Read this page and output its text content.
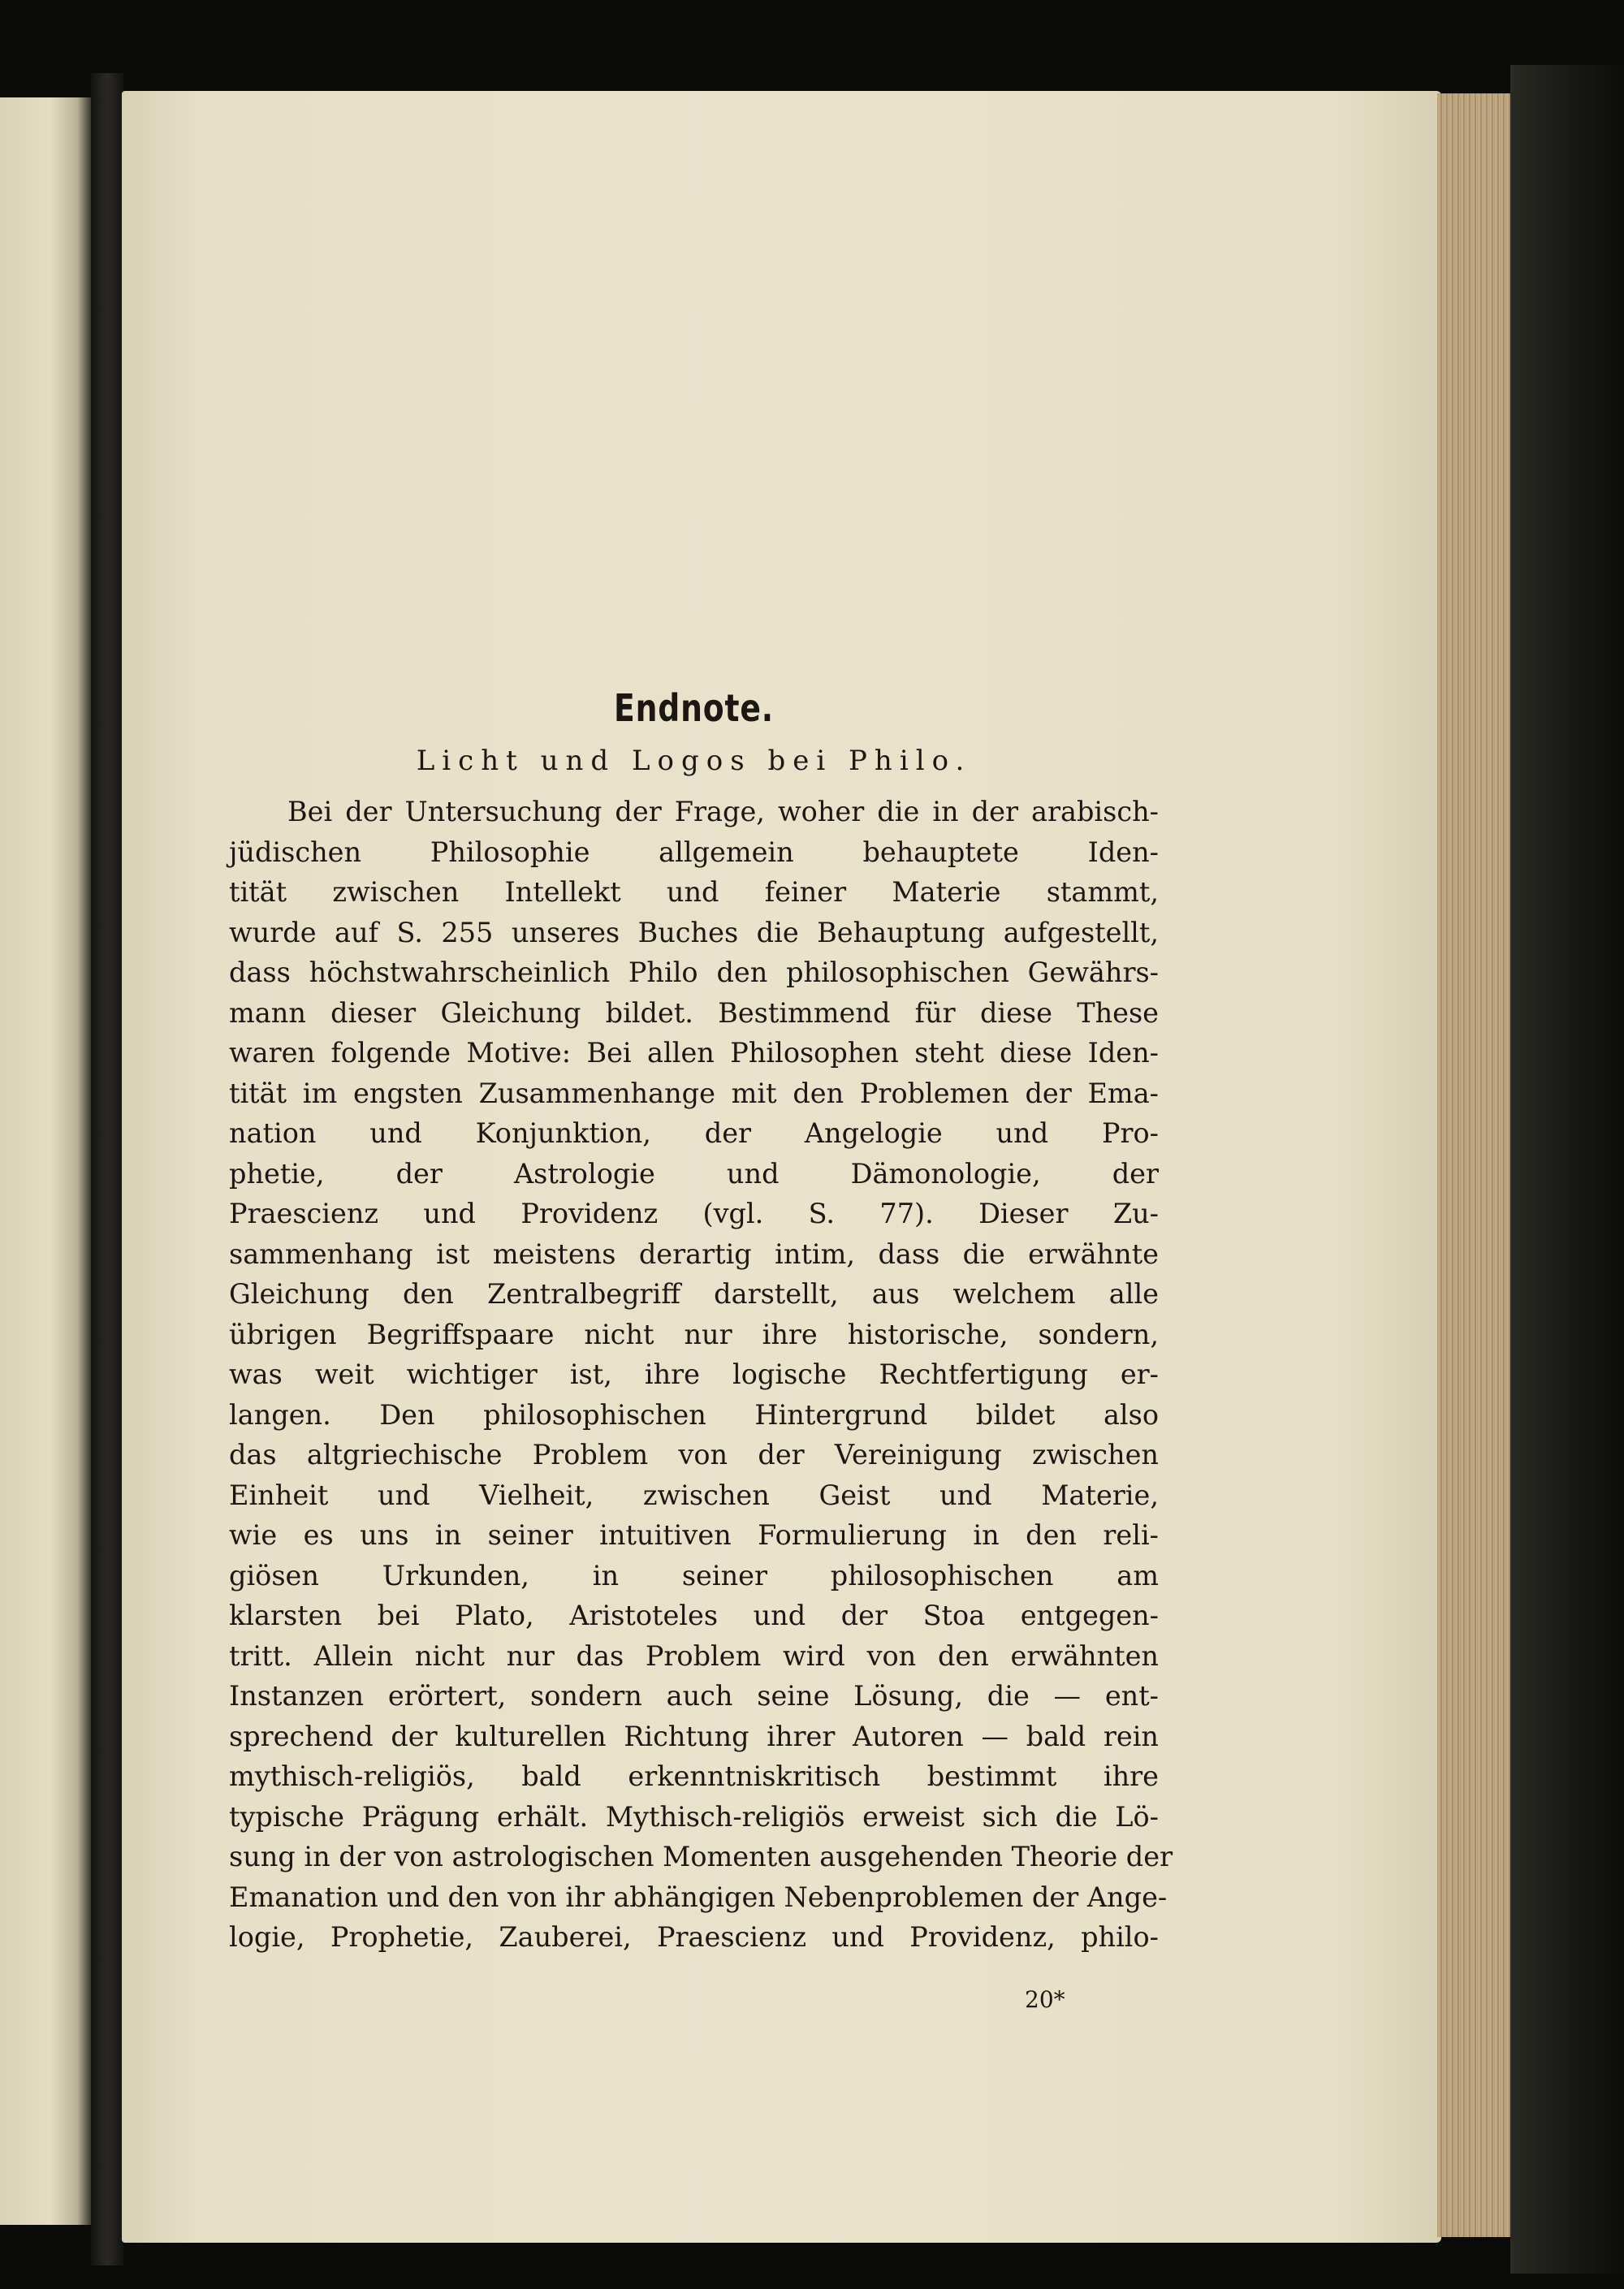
Endnote.
Licht und Logos bei Philo.
Bei der Untersuchung der Frage, woher die in der arabisch-
jüdischen Philosophie allgemein behauptete Iden-
tität zwischen Intellekt und feiner Materie stammt,
wurde auf S. 255 unseres Buches die Behauptung aufgestellt,
dass höchstwahrscheinlich Philo den philosophischen Gewährs-
mann dieser Gleichung bildet. Bestimmend für diese These
waren folgende Motive: Bei allen Philosophen steht diese Iden-
tität im engsten Zusammenhange mit den Problemen der Ema-
nation und Konjunktion, der Angelogie und Pro-
phetie, der Astrologie und Dämonologie, der
Praescienz und Providenz (vgl. S. 77). Dieser Zu-
sammenhang ist meistens derartig intim, dass die erwähnte
Gleichung den Zentralbegriff darstellt, aus welchem alle
übrigen Begriffspaare nicht nur ihre historische, sondern,
was weit wichtiger ist, ihre logische Rechtfertigung er-
langen. Den philosophischen Hintergrund bildet also
das altgriechische Problem von der Vereinigung zwischen
Einheit und Vielheit, zwischen Geist und Materie,
wie es uns in seiner intuitiven Formulierung in den reli-
giösen Urkunden, in seiner philosophischen am
klarsten bei Plato, Aristoteles und der Stoa entgegen-
tritt. Allein nicht nur das Problem wird von den erwähnten
Instanzen erörtert, sondern auch seine Lösung, die — ent-
sprechend der kulturellen Richtung ihrer Autoren — bald rein
mythisch-religiös, bald erkenntniskritisch bestimmt ihre
typische Prägung erhält. Mythisch-religiös erweist sich die Lö-
sung in der von astrologischen Momenten ausgehenden Theorie der
Emanation und den von ihr abhängigen Nebenproblemen der Ange-
logie, Prophetie, Zauberei, Praescienz und Providenz, philo-
20*
